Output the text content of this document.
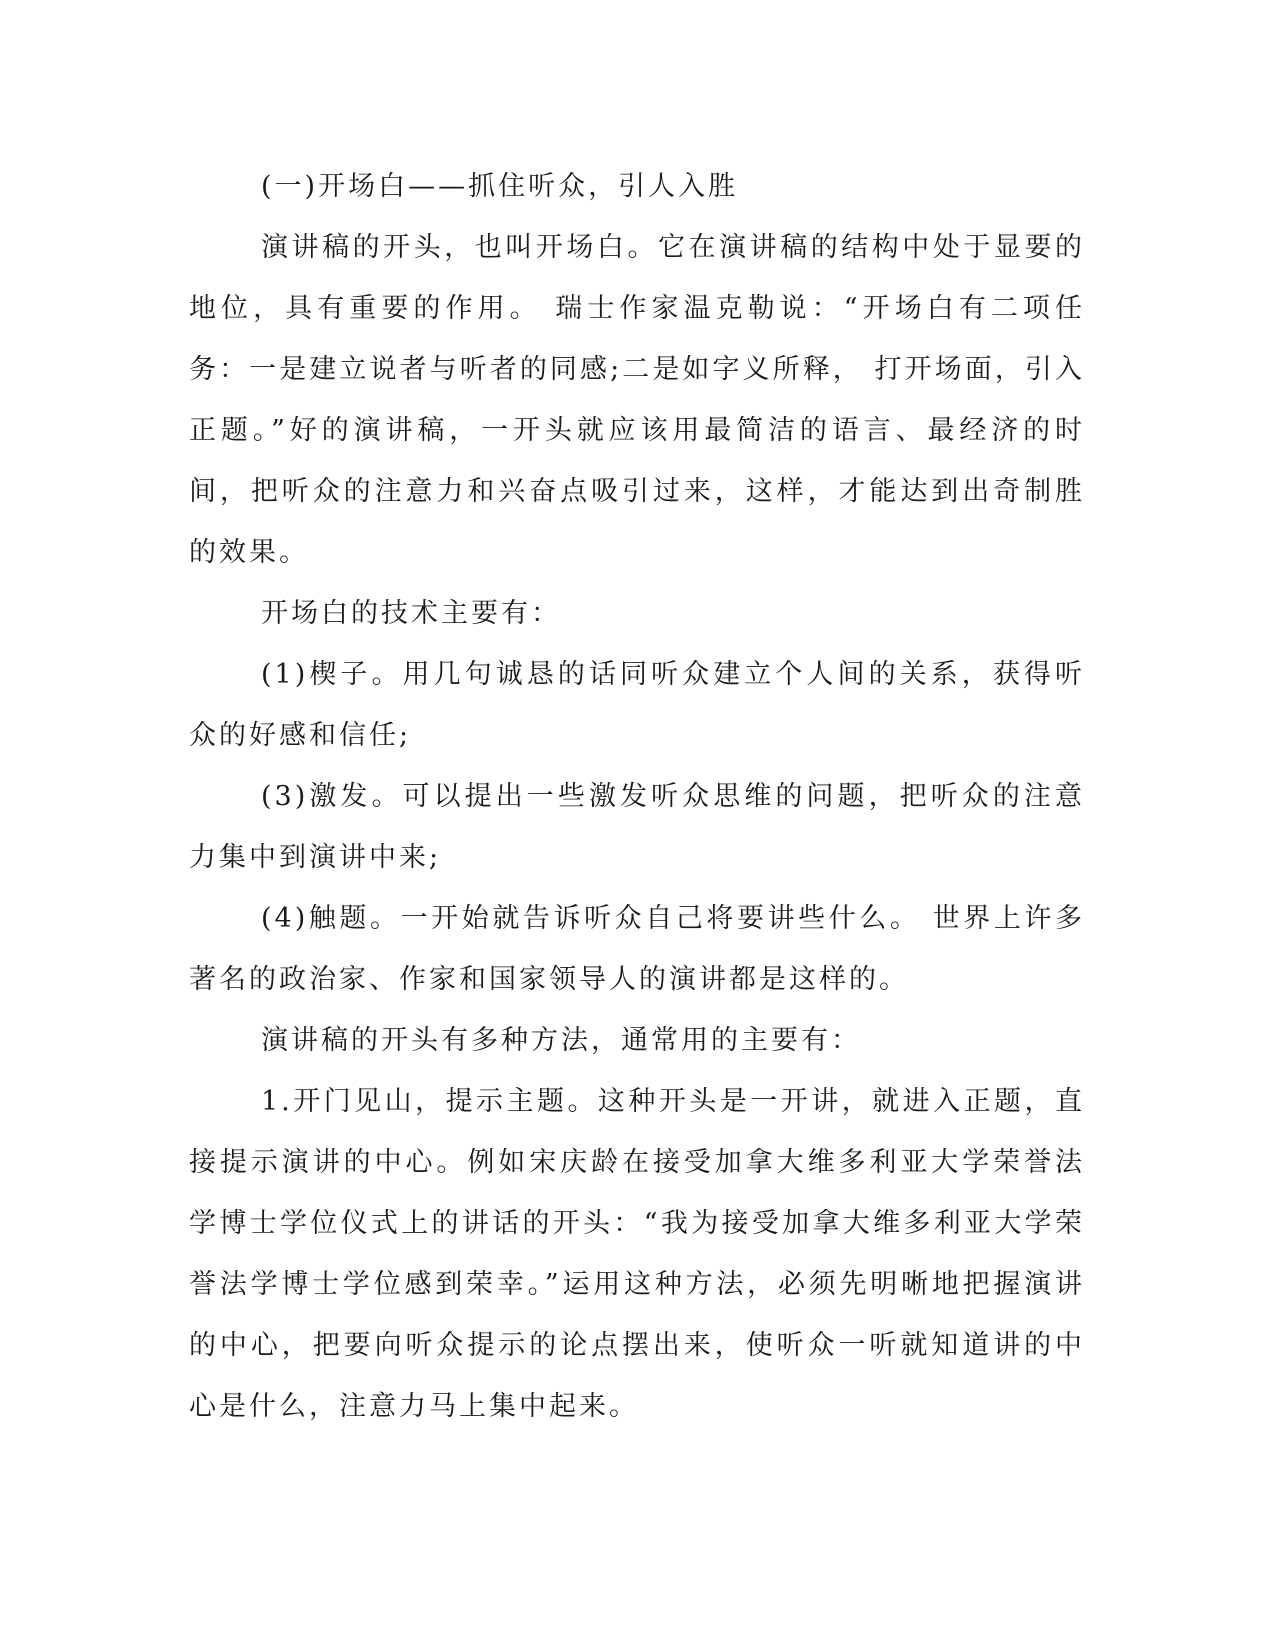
(一)开场白——抓住听众，引人入胜

演讲稿的开头，也叫开场白。它在演讲稿的结构中处于显要的地位，具有重要的作用。 瑞士作家温克勒说：“开场白有二项任务：一是建立说者与听者的同感;二是如字义所释， 打开场面，引入正题。”好的演讲稿，一开头就应该用最简洁的语言、最经济的时间，把听众的注意力和兴奋点吸引过来，这样，才能达到出奇制胜的效果。

开场白的技术主要有：

(1)楔子。用几句诚恳的话同听众建立个人间的关系，获得听众的好感和信任;

(3)激发。可以提出一些激发听众思维的问题，把听众的注意力集中到演讲中来;

(4)触题。一开始就告诉听众自己将要讲些什么。 世界上许多著名的政治家、作家和国家领导人的演讲都是这样的。

演讲稿的开头有多种方法，通常用的主要有：

1.开门见山，提示主题。这种开头是一开讲，就进入正题，直接提示演讲的中心。例如宋庆龄在接受加拿大维多利亚大学荣誉法学博士学位仪式上的讲话的开头：“我为接受加拿大维多利亚大学荣誉法学博士学位感到荣幸。”运用这种方法，必须先明晰地把握演讲的中心，把要向听众提示的论点摆出来，使听众一听就知道讲的中心是什么，注意力马上集中起来。
